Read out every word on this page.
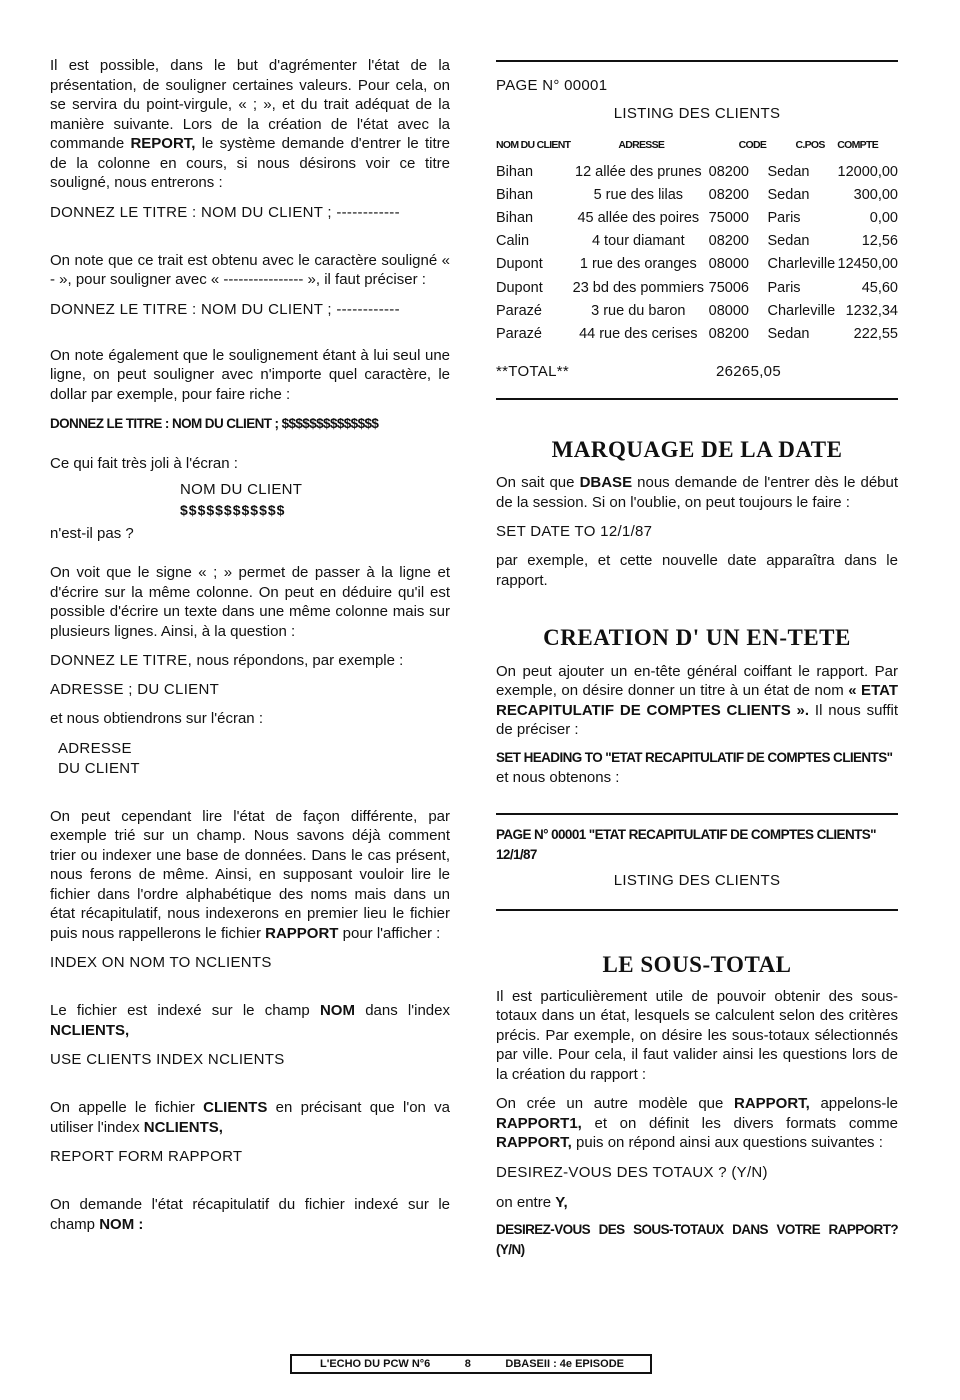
Il est possible, dans le but d'agrémenter l'état de la présentation, de souligner certaines valeurs. Pour cela, on se servira du point-virgule, « ; », et du trait adéquat de la manière suivante. Lors de la création de l'état avec la commande REPORT, le système demande d'entrer le titre de la colonne en cours, si nous désirons voir ce titre souligné, nous entrerons :

DONNEZ LE TITRE : NOM DU CLIENT ; ------------

On note que ce trait est obtenu avec le caractère souligné « - », pour souligner avec « ---------------- », il faut préciser :

DONNEZ LE TITRE : NOM DU CLIENT ; ------------

On note également que le soulignement étant à lui seul une ligne, on peut souligner avec n'importe quel caractère, le dollar par exemple, pour faire riche :

DONNEZ LE TITRE : NOM DU CLIENT ; $$$$$$$$$$$$$$

Ce qui fait très joli à l'écran :

NOM DU CLIENT

$$$$$$$$$$$$

n'est-il pas ?

On voit que le signe « ; » permet de passer à la ligne et d'écrire sur la même colonne. On peut en déduire qu'il est possible d'écrire un texte dans une même colonne mais sur plusieurs lignes. Ainsi, à la question :

DONNEZ LE TITRE, nous répondons, par exemple :

ADRESSE ; DU CLIENT

et nous obtiendrons sur l'écran :

ADRESSE

DU CLIENT

On peut cependant lire l'état de façon différente, par exemple trié sur un champ. Nous savons déjà comment trier ou indexer une base de données. Dans le cas présent, nous ferons de même. Ainsi, en supposant vouloir lire le fichier dans l'ordre alphabétique des noms mais dans un état récapitulatif, nous indexerons en premier lieu le fichier puis nous rappellerons le fichier RAPPORT pour l'afficher :

INDEX ON NOM TO NCLIENTS

Le fichier est indexé sur le champ NOM dans l'index NCLIENTS,

USE CLIENTS INDEX NCLIENTS

On appelle le fichier CLIENTS en précisant que l'on va utiliser l'index NCLIENTS,

REPORT FORM RAPPORT

On demande l'état récapitulatif du fichier indexé sur le champ NOM :

PAGE N° 00001

LISTING DES CLIENTS

NOM DU CLIENT	ADRESSE	CODE	C.POS	COMPTE
Bihan	12 allée des prunes	08200	Sedan	12000,00
Bihan	5 rue des lilas	08200	Sedan	300,00
Bihan	45 allée des poires	75000	Paris	0,00
Calin	4 tour diamant	08200	Sedan	12,56
Dupont	1 rue des oranges	08000	Charleville	12450,00
Dupont	23 bd des pommiers	75006	Paris	45,60
Parazé	3 rue du baron	08000	Charleville	1232,34
Parazé	44 rue des cerises	08200	Sedan	222,55
**TOTAL**	26265,05

MARQUAGE DE LA DATE

On sait que DBASE nous demande de l'entrer dès le début de la session. Si on l'oublie, on peut toujours le faire :

SET DATE TO 12/1/87

par exemple, et cette nouvelle date apparaîtra dans le rapport.

CREATION D' UN EN-TETE

On peut ajouter un en-tête général coiffant le rapport. Par exemple, on désire donner un titre à un état de nom « ETAT RECAPITULATIF DE COMPTES CLIENTS ». Il nous suffit de préciser :

SET HEADING TO "ETAT RECAPITULATIF DE COMPTES CLIENTS"

et nous obtenons :

PAGE N° 00001 "ETAT RECAPITULATIF DE COMPTES CLIENTS"

12/1/87

LISTING DES CLIENTS

LE SOUS-TOTAL

Il est particulièrement utile de pouvoir obtenir des sous-totaux dans un état, lesquels se calculent selon des critères précis. Par exemple, on désire les sous-totaux sélectionnés par ville. Pour cela, il faut valider ainsi les questions lors de la création du rapport :

On crée un autre modèle que RAPPORT, appelons-le RAPPORT1, et on définit les divers formats comme RAPPORT, puis on répond ainsi aux questions suivantes :

DESIREZ-VOUS DES TOTAUX ? (Y/N)

on entre Y,

DESIREZ-VOUS DES SOUS-TOTAUX DANS VOTRE RAPPORT?(Y/N)

L'ECHO DU PCW N°6	8	DBASEII : 4e EPISODE
